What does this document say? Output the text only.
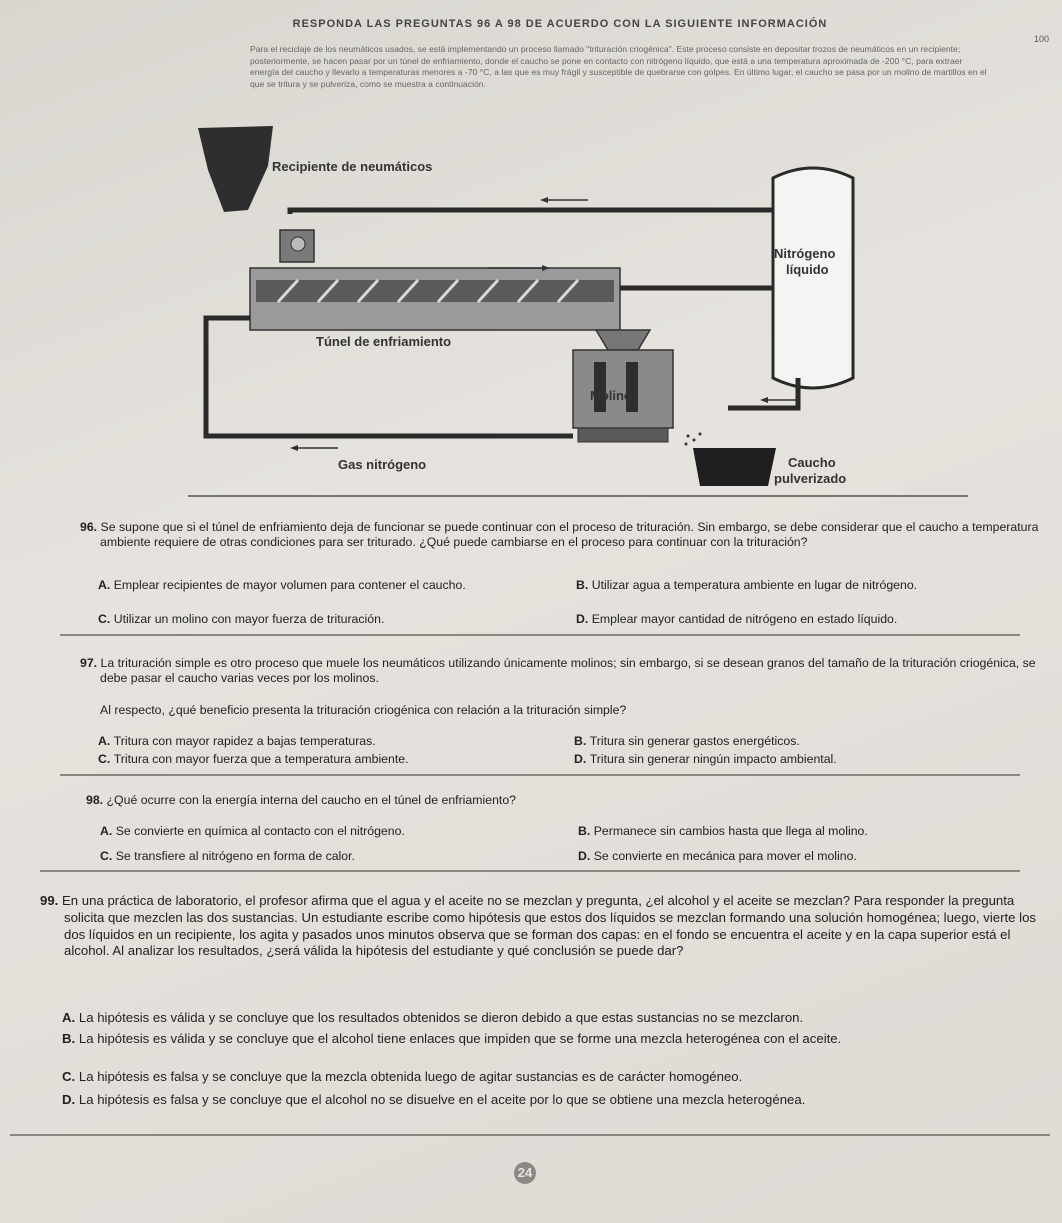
RESPONDA LAS PREGUNTAS 96 A 98 DE ACUERDO CON LA SIGUIENTE INFORMACIÓN
100
Para el reciclaje de los neumáticos usados, se está implementando un proceso llamado "trituración criogénica". Este proceso consiste en depositar trozos de neumáticos en un recipiente; posteriormente, se hacen pasar por un túnel de enfriamiento, donde el caucho se pone en contacto con nitrógeno líquido, que está a una temperatura aproximada de -200 °C, para extraer energía del caucho y llevarlo a temperaturas menores a -70 °C, a las que es muy frágil y susceptible de quebrarse con golpes. En último lugar, el caucho se pasa por un molino de martillos en el que se tritura y se pulveriza, como se muestra a continuación.
Recipiente de neumáticos
Nitrógeno
líquido
Túnel de enfriamiento
Molino
Gas nitrógeno	Caucho
pulverizado
96. Se supone que si el túnel de enfriamiento deja de funcionar se puede continuar con el proceso de trituración. Sin embargo, se debe considerar que el caucho a temperatura ambiente requiere de otras condiciones para ser triturado. ¿Qué puede cambiarse en el proceso para continuar con la trituración?
A. Emplear recipientes de mayor volumen para contener el caucho.	B. Utilizar agua a temperatura ambiente en lugar de nitrógeno.
C. Utilizar un molino con mayor fuerza de trituración.	D. Emplear mayor cantidad de nitrógeno en estado líquido.
97. La trituración simple es otro proceso que muele los neumáticos utilizando únicamente molinos; sin embargo, si se desean granos del tamaño de la trituración criogénica, se debe pasar el caucho varias veces por los molinos.
Al respecto, ¿qué beneficio presenta la trituración criogénica con relación a la trituración simple?
A. Tritura con mayor rapidez a bajas temperaturas.	B. Tritura sin generar gastos energéticos.
C. Tritura con mayor fuerza que a temperatura ambiente.	D. Tritura sin generar ningún impacto ambiental.
98. ¿Qué ocurre con la energía interna del caucho en el túnel de enfriamiento?
A. Se convierte en química al contacto con el nitrógeno.	B. Permanece sin cambios hasta que llega al molino.
C. Se transfiere al nitrógeno en forma de calor.	D. Se convierte en mecánica para mover el molino.
99. En una práctica de laboratorio, el profesor afirma que el agua y el aceite no se mezclan y pregunta, ¿el alcohol y el aceite se mezclan? Para responder la pregunta solicita que mezclen las dos sustancias. Un estudiante escribe como hipótesis que estos dos líquidos se mezclan formando una solución homogénea; luego, vierte los dos líquidos en un recipiente, los agita y pasados unos minutos observa que se forman dos capas: en el fondo se encuentra el aceite y en la capa superior está el alcohol. Al analizar los resultados, ¿será válida la hipótesis del estudiante y qué conclusión se puede dar?
A. La hipótesis es válida y se concluye que los resultados obtenidos se dieron debido a que estas sustancias no se mezclaron.
B. La hipótesis es válida y se concluye que el alcohol tiene enlaces que impiden que se forme una mezcla heterogénea con el aceite.
C. La hipótesis es falsa y se concluye que la mezcla obtenida luego de agitar sustancias es de carácter homogéneo.
D. La hipótesis es falsa y se concluye que el alcohol no se disuelve en el aceite por lo que se obtiene una mezcla heterogénea.
24
